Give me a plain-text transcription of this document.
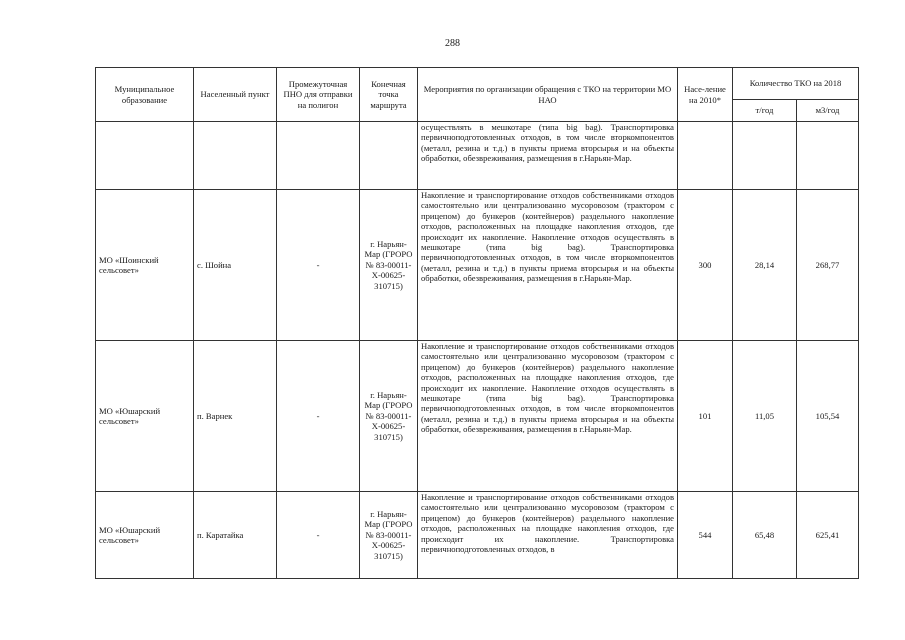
288
Муниципальное образование	Населенный пункт	Промежуточная ПНО для отправки на полигон	Конечная точка маршрута	Мероприятия по организации обращения с ТКО на территории МО НАО	Насе-ление на 2010*	Количество ТКО на 2018	
						т/год	м3/год
				осуществлять в мешкотаре (типа big bag). Транспортировка первичноподготовленных отходов, в том числе вторкомпонентов (металл, резина и т.д.) в пункты приема вторсырья и на объекты обработки, обезвреживания, размещения в г.Нарьян-Мар.			
МО «Шоинский сельсовет»	с. Шойна	-	г. Нарьян-Мар (ГРОРО № 83-00011-Х-00625-310715)	Накопление и транспортирование отходов собственниками отходов самостоятельно или централизованно мусоровозом (трактором с прицепом) до бункеров (контейнеров) раздельного накопление отходов, расположенных на площадке накопления отходов, где происходит их накопление. Накопление отходов осуществлять в мешкотаре (типа big bag). Транспортировка первичноподготовленных отходов, в том числе вторкомпонентов (металл, резина и т.д.) в пункты приема вторсырья и на объекты обработки, обезвреживания, размещения в г.Нарьян-Мар.	300	28,14	268,77
МО «Юшарский сельсовет»	п. Варнек	-	г. Нарьян-Мар (ГРОРО № 83-00011-Х-00625-310715)	Накопление и транспортирование отходов собственниками отходов самостоятельно или централизованно мусоровозом (трактором с прицепом) до бункеров (контейнеров) раздельного накопление отходов, расположенных на площадке накопления отходов, где происходит их накопление. Накопление отходов осуществлять в мешкотаре (типа big bag). Транспортировка первичноподготовленных отходов, в том числе вторкомпонентов (металл, резина и т.д.) в пункты приема вторсырья и на объекты обработки, обезвреживания, размещения в г.Нарьян-Мар.	101	11,05	105,54
МО «Юшарский сельсовет»	п. Каратайка	-	г. Нарьян-Мар (ГРОРО № 83-00011-Х-00625-310715)	Накопление и транспортирование отходов собственниками отходов самостоятельно или централизованно мусоровозом (трактором с прицепом) до бункеров (контейнеров) раздельного накопление отходов, расположенных на площадке накопления отходов, где происходит их накопление. Транспортировка первичноподготовленных отходов, в	544	65,48	625,41
